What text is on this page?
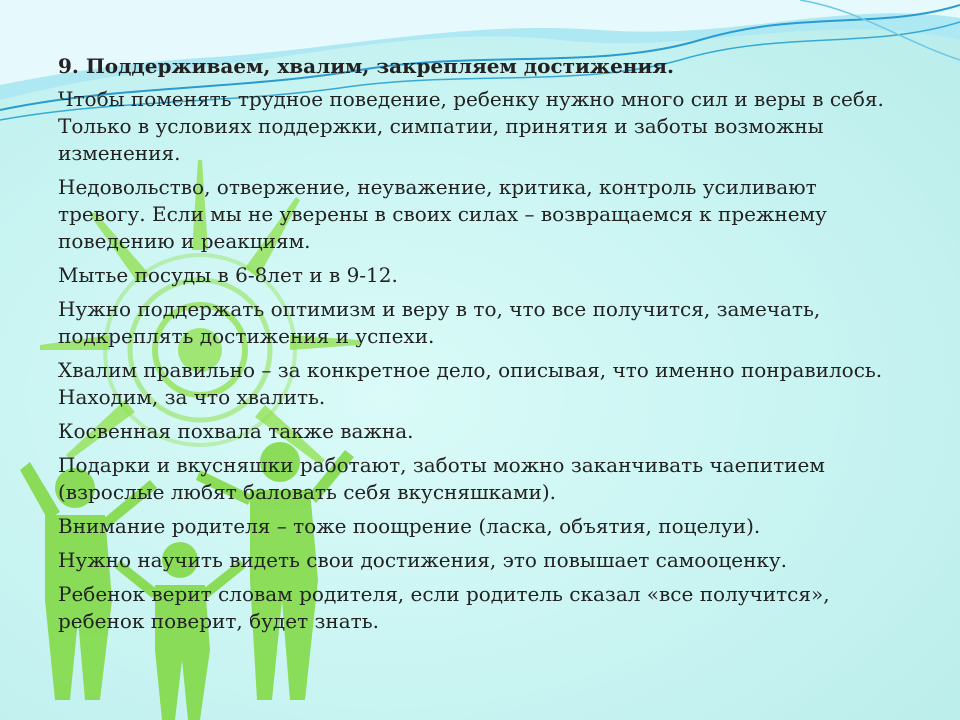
9. Поддерживаем, хвалим, закрепляем достижения.

Чтобы поменять трудное поведение, ребенку нужно много сил и веры в себя. Только в условиях поддержки, симпатии, принятия и заботы возможны изменения.

Недовольство, отвержение, неуважение, критика, контроль усиливают тревогу. Если мы не уверены в своих силах – возвращаемся к прежнему поведению и реакциям.

Мытье посуды в 6-8лет и в 9-12.

Нужно поддержать оптимизм и веру в то, что все получится, замечать, подкреплять достижения и успехи.

Хвалим правильно – за конкретное дело, описывая, что именно понравилось. Находим, за что хвалить.

Косвенная похвала также важна.

Подарки и вкусняшки работают, заботы можно заканчивать чаепитием (взрослые любят баловать себя вкусняшками).

Внимание родителя – тоже поощрение (ласка, объятия, поцелуи).

Нужно научить видеть свои достижения, это повышает самооценку.

Ребенок верит словам родителя, если родитель сказал «все получится», ребенок поверит, будет знать.
